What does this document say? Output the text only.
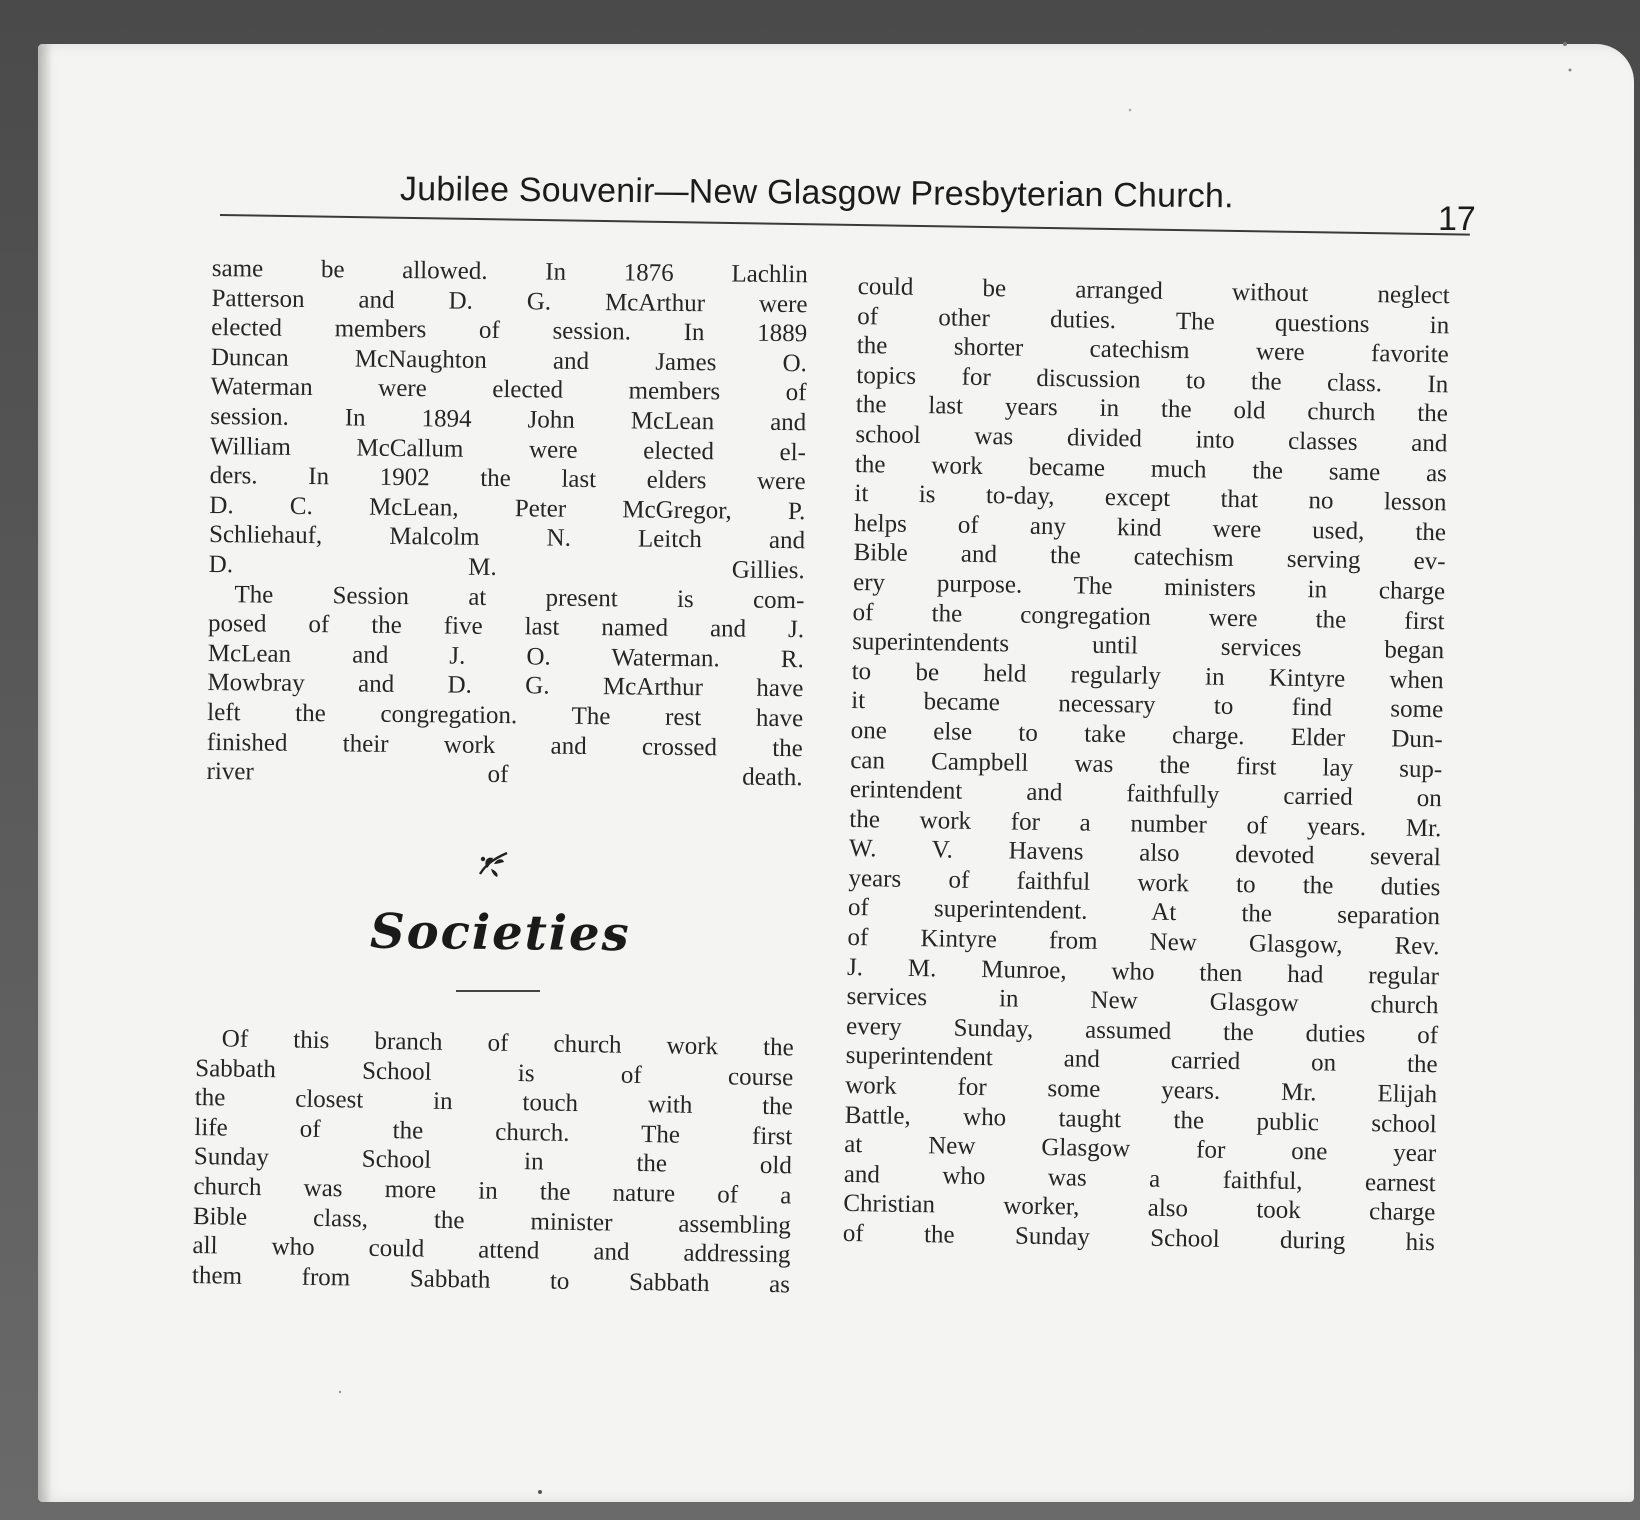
Jubilee Souvenir—New Glasgow Presbyterian Church.
17
same be allowed. In 1876 Lachlin
Patterson and D. G. McArthur were
elected members of session. In 1889
Duncan McNaughton and James O.
Waterman were elected members of
session. In 1894 John McLean and
William McCallum were elected el-
ders. In 1902 the last elders were
D. C. McLean, Peter McGregor, P.
Schliehauf, Malcolm N. Leitch and
D. M. Gillies.
The Session at present is com-
posed of the five last named and J.
McLean and J. O. Waterman. R.
Mowbray and D. G. McArthur have
left the congregation. The rest have
finished their work and crossed the
river of death.
Societies
Of this branch of church work the
Sabbath School is of course
the closest in touch with the
life of the church. The first
Sunday School in the old
church was more in the nature of a
Bible class, the minister assembling
all who could attend and addressing
them from Sabbath to Sabbath as
could be arranged without neglect
of other duties. The questions in
the shorter catechism were favorite
topics for discussion to the class. In
the last years in the old church the
school was divided into classes and
the work became much the same as
it is to-day, except that no lesson
helps of any kind were used, the
Bible and the catechism serving ev-
ery purpose. The ministers in charge
of the congregation were the first
superintendents until services began
to be held regularly in Kintyre when
it became necessary to find some
one else to take charge. Elder Dun-
can Campbell was the first lay sup-
erintendent and faithfully carried on
the work for a number of years. Mr.
W. V. Havens also devoted several
years of faithful work to the duties
of superintendent. At the separation
of Kintyre from New Glasgow, Rev.
J. M. Munroe, who then had regular
services in New Glasgow church
every Sunday, assumed the duties of
superintendent and carried on the
work for some years. Mr. Elijah
Battle, who taught the public school
at New Glasgow for one year
and who was a faithful, earnest
Christian worker, also took charge
of the Sunday School during his
